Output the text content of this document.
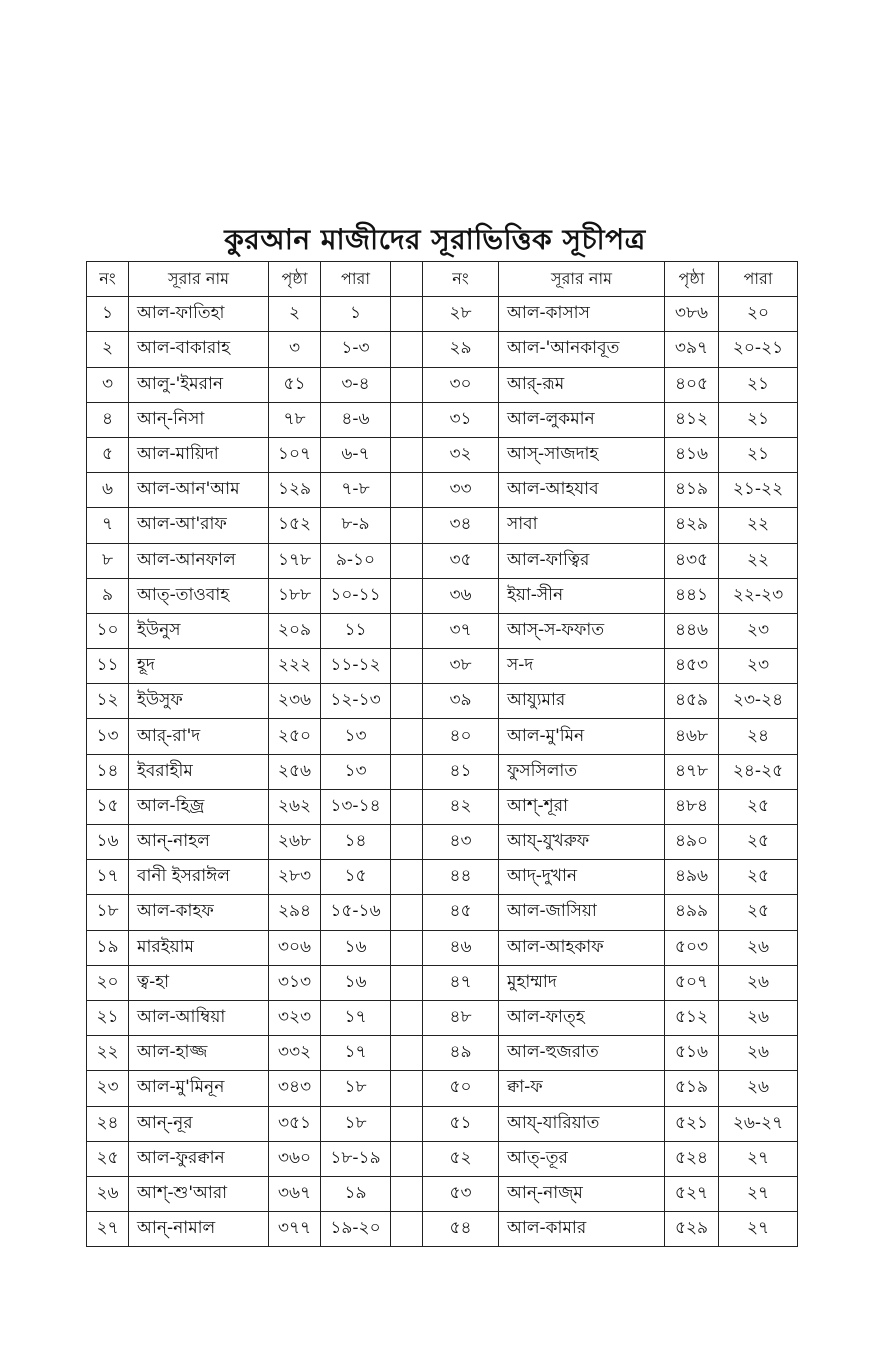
কুরআন মাজীদের সূরাভিত্তিক সূচীপত্র
নং	সূরার নাম	পৃষ্ঠা	পারা		নং	সূরার নাম	পৃষ্ঠা	পারা
১	আল-ফাতিহা	২	১		২৮	আল-কাসাস	৩৮৬	২০
২	আল-বাকারাহ	৩	১-৩		২৯	আল-'আনকাবূত	৩৯৭	২০-২১
৩	আলু-'ইমরান	৫১	৩-৪		৩০	আর্-রূম	৪০৫	২১
৪	আন্-নিসা	৭৮	৪-৬		৩১	আল-লুকমান	৪১২	২১
৫	আল-মায়িদা	১০৭	৬-৭		৩২	আস্-সাজদাহ	৪১৬	২১
৬	আল-আন'আম	১২৯	৭-৮		৩৩	আল-আহযাব	৪১৯	২১-২২
৭	আল-আ'রাফ	১৫২	৮-৯		৩৪	সাবা	৪২৯	২২
৮	আল-আনফাল	১৭৮	৯-১০		৩৫	আল-ফাত্বির	৪৩৫	২২
৯	আত্-তাওবাহ	১৮৮	১০-১১		৩৬	ইয়া-সীন	৪৪১	২২-২৩
১০	ইউনুস	২০৯	১১		৩৭	আস্-স-ফফাত	৪৪৬	২৩
১১	হূদ	২২২	১১-১২		৩৮	স-দ	৪৫৩	২৩
১২	ইউসুফ	২৩৬	১২-১৩		৩৯	আয্যুমার	৪৫৯	২৩-২৪
১৩	আর্-রা'দ	২৫০	১৩		৪০	আল-মু'মিন	৪৬৮	২৪
১৪	ইবরাহীম	২৫৬	১৩		৪১	ফুসসিলাত	৪৭৮	২৪-২৫
১৫	আল-হিজ্র	২৬২	১৩-১৪		৪২	আশ্-শূরা	৪৮৪	২৫
১৬	আন্-নাহল	২৬৮	১৪		৪৩	আয্-যুখরুফ	৪৯০	২৫
১৭	বানী ইসরাঈল	২৮৩	১৫		৪৪	আদ্-দুখান	৪৯৬	২৫
১৮	আল-কাহফ	২৯৪	১৫-১৬		৪৫	আল-জাসিয়া	৪৯৯	২৫
১৯	মারইয়াম	৩০৬	১৬		৪৬	আল-আহকাফ	৫০৩	২৬
২০	ত্ব-হা	৩১৩	১৬		৪৭	মুহাম্মাদ	৫০৭	২৬
২১	আল-আম্বিয়া	৩২৩	১৭		৪৮	আল-ফাত্হ	৫১২	২৬
২২	আল-হাজ্জ	৩৩২	১৭		৪৯	আল-হুজরাত	৫১৬	২৬
২৩	আল-মু'মিনূন	৩৪৩	১৮		৫০	ক্বা-ফ	৫১৯	২৬
২৪	আন্-নূর	৩৫১	১৮		৫১	আয্-যারিয়াত	৫২১	২৬-২৭
২৫	আল-ফুরক্বান	৩৬০	১৮-১৯		৫২	আত্-তূর	৫২৪	২৭
২৬	আশ্-শু'আরা	৩৬৭	১৯		৫৩	আন্-নাজ্ম	৫২৭	২৭
২৭	আন্-নামাল	৩৭৭	১৯-২০		৫৪	আল-কামার	৫২৯	২৭
